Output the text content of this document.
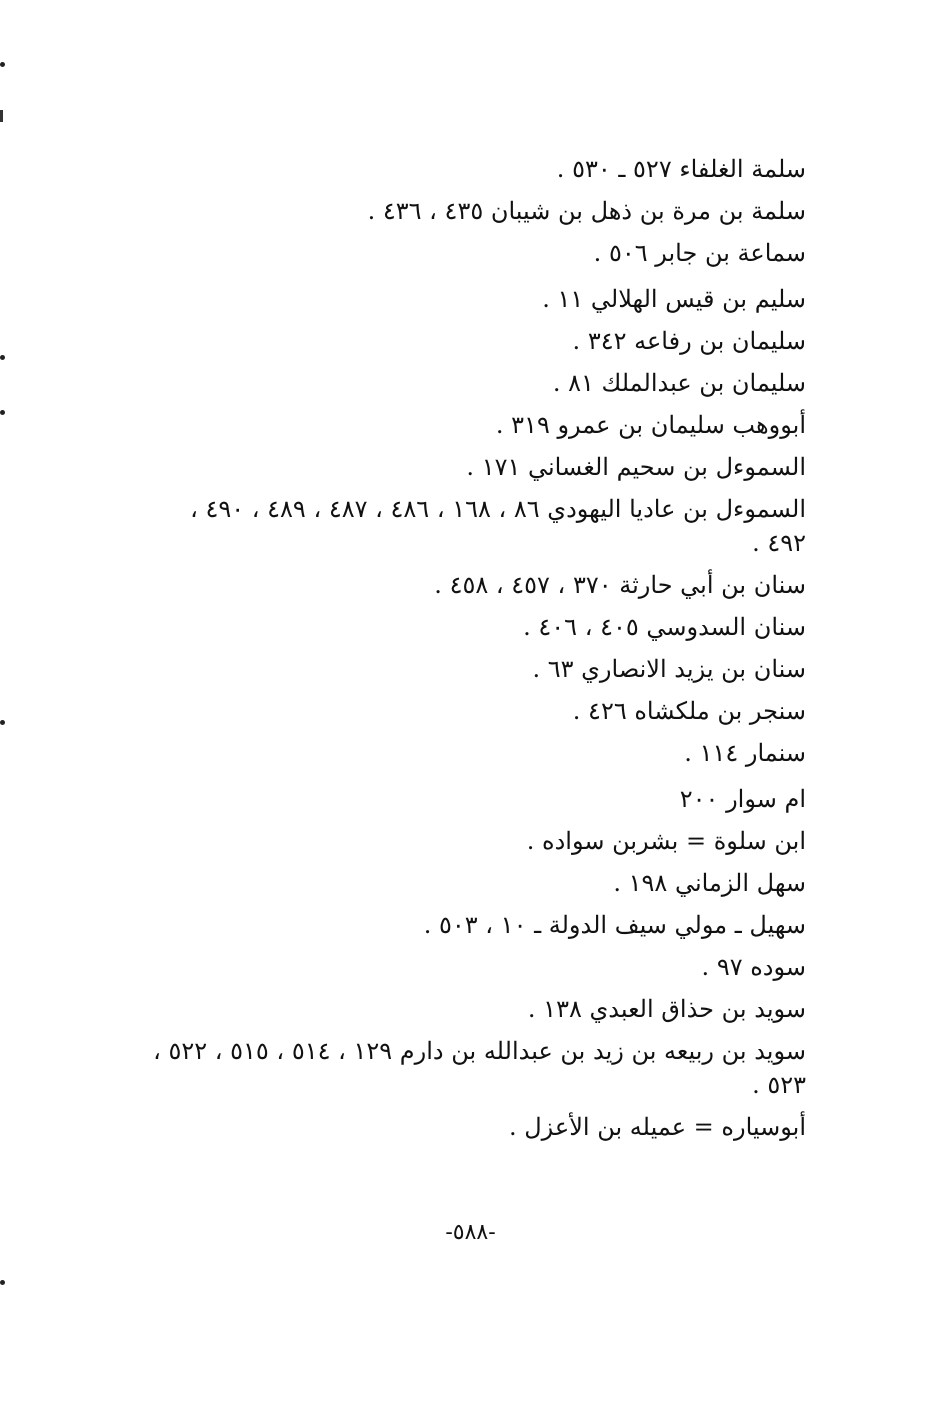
سلمة الغلفاء ٥٢٧ ـ ٥٣٠ .
سلمة بن مرة بن ذهل بن شيبان ٤٣٥ ، ٤٣٦ .
سماعة بن جابر ٥٠٦ .
سليم بن قيس الهلالي ١١ .
سليمان بن رفاعه ٣٤٢ .
سليمان بن عبدالملك ٨١ .
أبووهب سليمان بن عمرو ٣١٩ .
السموءل بن سحيم الغساني ١٧١ .
السموءل بن عاديا اليهودي ٨٦ ، ١٦٨ ، ٤٨٦ ، ٤٨٧ ، ٤٨٩ ، ٤٩٠ ،
٤٩٢ .
سنان بن أبي حارثة ٣٧٠ ، ٤٥٧ ، ٤٥٨ .
سنان السدوسي ٤٠٥ ، ٤٠٦ .
سنان بن يزيد الانصاري ٦٣ .
سنجر بن ملكشاه ٤٢٦ .
سنمار ١١٤ .
ام سوار ٢٠٠
ابن سلوة = بشربن سواده .
سهل الزماني ١٩٨ .
سهيل ـ مولي سيف الدولة ـ ١٠ ، ٥٠٣ .
سوده ٩٧ .
سويد بن حذاق العبدي ١٣٨ .
سويد بن ربيعه بن زيد بن عبدالله بن دارم ١٢٩ ، ٥١٤ ، ٥١٥ ، ٥٢٢ ،
٥٢٣ .
أبوسياره = عميله بن الأعزل .
-٥٨٨-
